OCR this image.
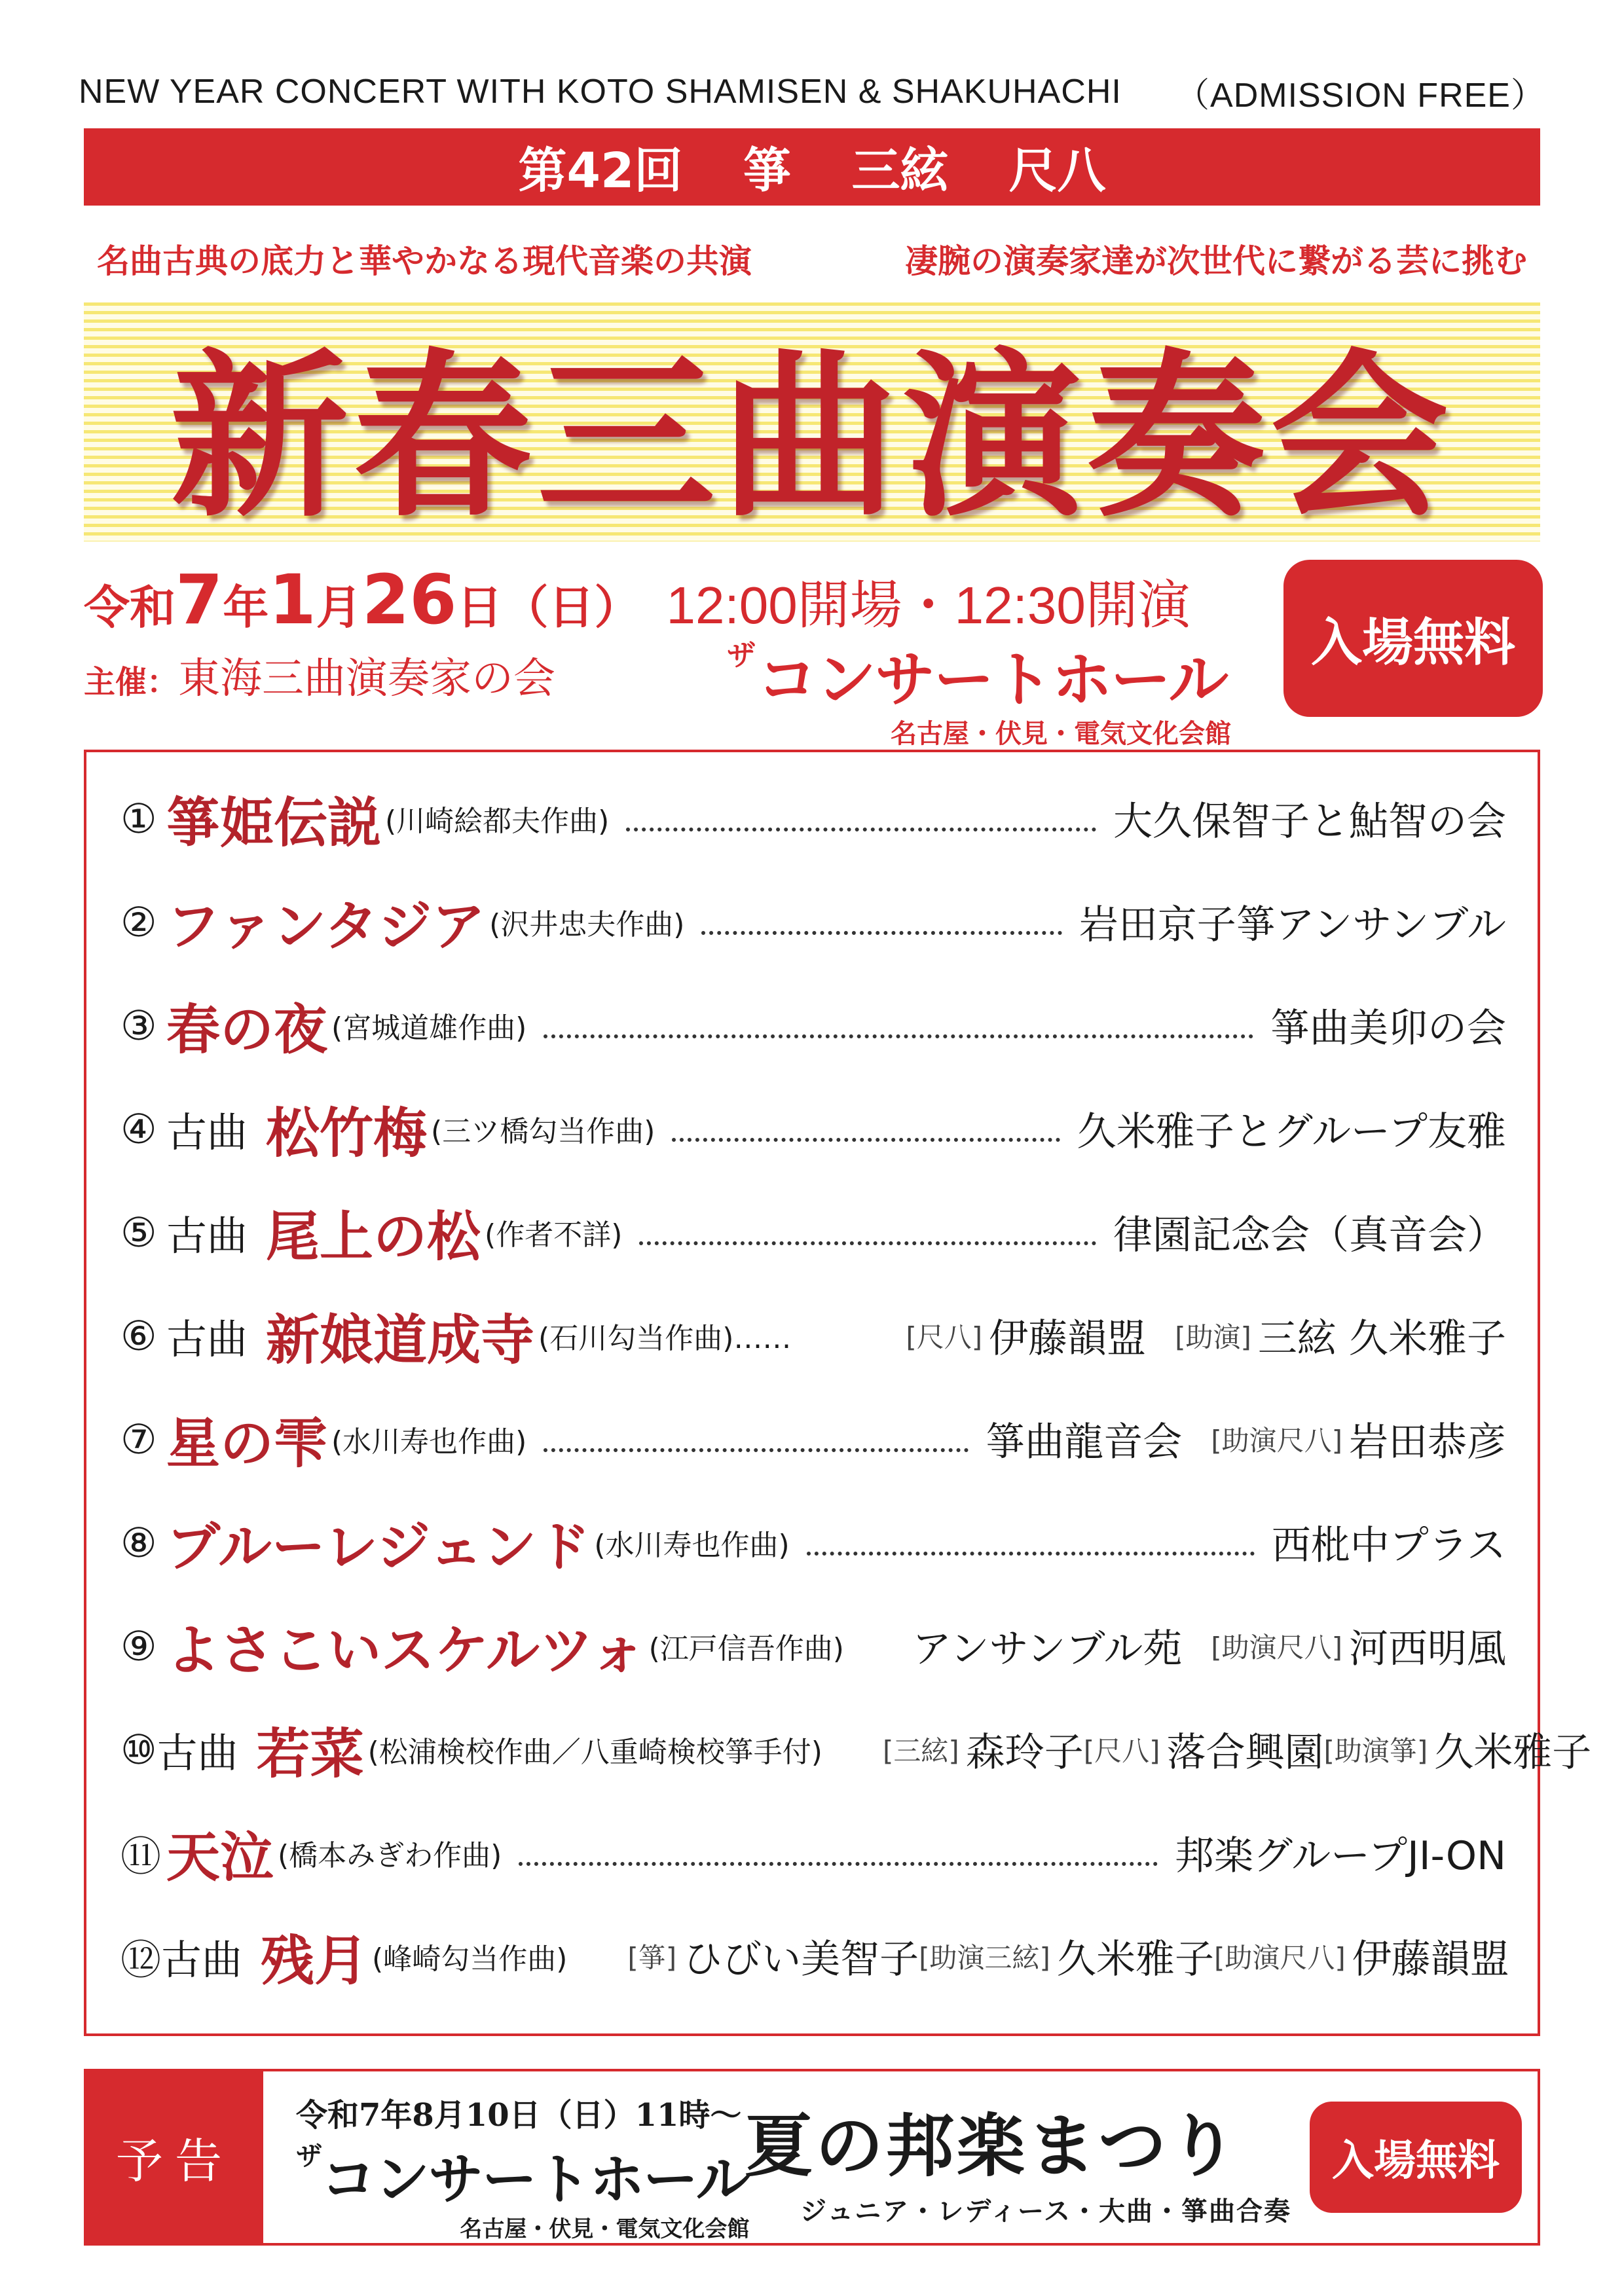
NEW YEAR CONCERT WITH KOTO SHAMISEN & SHAKUHACHI （ADMISSION FREE）
第42回 箏 三絃 尺八
名曲古典の底力と華やかなる現代音楽の共演	凄腕の演奏家達が次世代に繋がる芸に挑む
新春三曲演奏会
令和7年1月26日（日） 12:00開場・12:30開演
主催： 東海三曲演奏家の会	$^ザ$コンサートホール
名古屋・伏見・電気文化会館
入場無料
① 箏姫伝説 (川崎絵都夫作曲)	大久保智子と鮎智の会
② ファンタジア (沢井忠夫作曲)	岩田京子箏アンサンブル
③ 春の夜 (宮城道雄作曲)	箏曲美卯の会
④ 古曲 松竹梅 (三ツ橋勾当作曲)	久米雅子とグループ友雅
⑤ 古曲 尾上の松 (作者不詳)	律園記念会（真音会）
⑥ 古曲 新娘道成寺 (石川勾当作曲)……	[尺八] 伊藤韻盟 [助演] 三絃 久米雅子
⑦ 星の雫 (水川寿也作曲)	箏曲龍音会 [助演尺八] 岩田恭彦
⑧ ブルーレジェンド (水川寿也作曲)	西枇中プラス
⑨ よさこいスケルツォ (江戸信吾作曲) アンサンブル苑 [助演尺八] 河西明風
⑩ 古曲 若菜 (松浦検校作曲／八重崎検校箏手付) [三絃] 森玲子 [尺八] 落合興園 [助演箏] 久米雅子
⑪ 天泣 (橋本みぎわ作曲)	邦楽グループJI-ON
⑫ 古曲 残月 (峰崎勾当作曲) [箏] ひびい美智子 [助演三絃] 久米雅子 [助演尺八] 伊藤韻盟
予告
令和7年8月10日（日）11時～
$^ザ$コンサートホール
名古屋・伏見・電気文化会館
夏の邦楽まつり
ジュニア・レディース・大曲・箏曲合奏
入場無料
